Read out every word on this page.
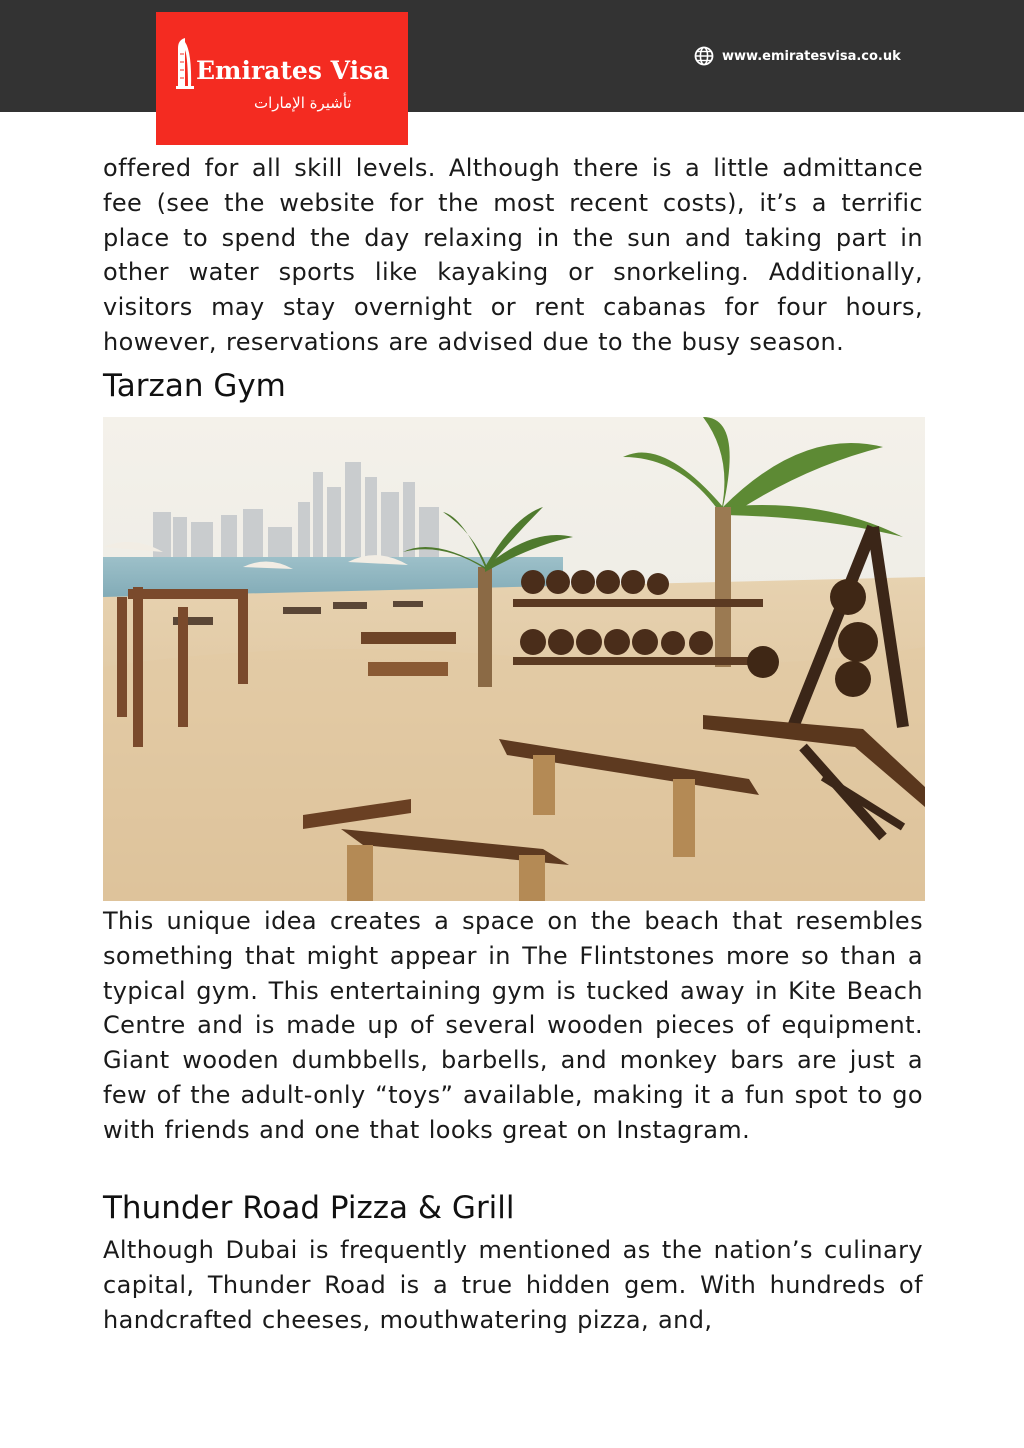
www.emiratesvisa.co.uk
Emirates Visa
تأشيرة الإمارات

offered for all skill levels. Although there is a little admittance fee (see the website for the most recent costs), it’s a terrific place to spend the day relaxing in the sun and taking part in other water sports like kayaking or snorkeling. Additionally, visitors may stay overnight or rent cabanas for four hours, however, reservations are advised due to the busy season.

Tarzan Gym

This unique idea creates a space on the beach that resembles something that might appear in The Flintstones more so than a typical gym. This entertaining gym is tucked away in Kite Beach Centre and is made up of several wooden pieces of equipment. Giant wooden dumbbells, barbells, and monkey bars are just a few of the adult-only “toys” available, making it a fun spot to go with friends and one that looks great on Instagram.

Thunder Road Pizza & Grill

Although Dubai is frequently mentioned as the nation’s culinary capital, Thunder Road is a true hidden gem. With hundreds of handcrafted cheeses, mouthwatering pizza, and,
